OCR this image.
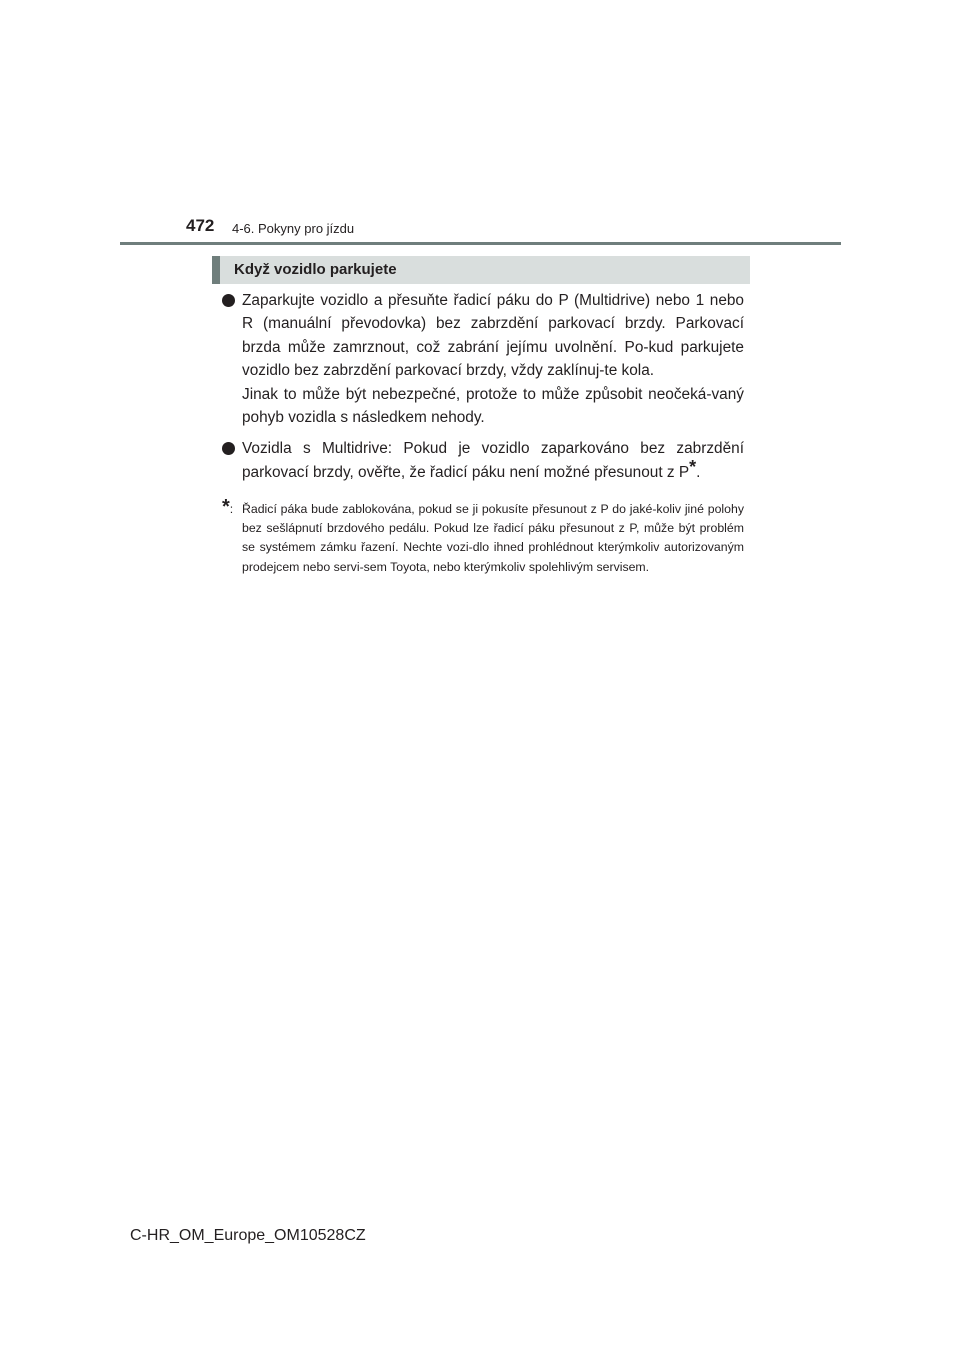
472 4-6. Pokyny pro jízdu
Když vozidlo parkujete
Zaparkujte vozidlo a přesuňte řadicí páku do P (Multidrive) nebo 1 nebo R (manuální převodovka) bez zabrzdění parkovací brzdy. Parkovací brzda může zamrznout, což zabrání jejímu uvolnění. Po-kud parkujete vozidlo bez zabrzdění parkovací brzdy, vždy zaklínuj-te kola.
Jinak to může být nebezpečné, protože to může způsobit neočeká-vaný pohyb vozidla s následkem nehody.
Vozidla s Multidrive: Pokud je vozidlo zaparkováno bez zabrzdění parkovací brzdy, ověřte, že řadicí páku není možné přesunout z P*.
*: Řadicí páka bude zablokována, pokud se ji pokusíte přesunout z P do jaké-koliv jiné polohy bez sešlápnutí brzdového pedálu. Pokud lze řadicí páku přesunout z P, může být problém se systémem zámku řazení. Nechte vozi-dlo ihned prohlédnout kterýmkoliv autorizovaným prodejcem nebo servi-sem Toyota, nebo kterýmkoliv spolehlivým servisem.
C-HR_OM_Europe_OM10528CZ
